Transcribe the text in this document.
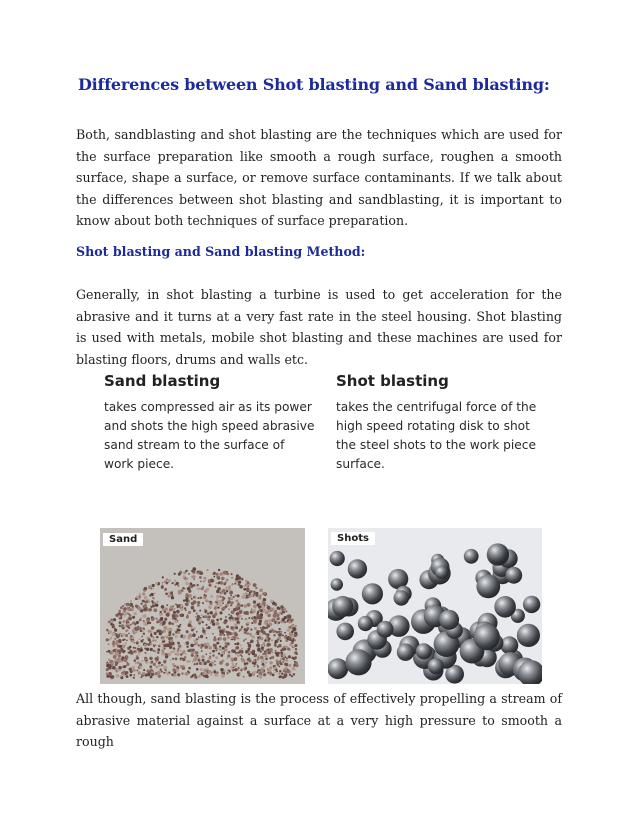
Differences between Shot blasting and Sand blasting:

Both, sandblasting and shot blasting are the techniques which are used for the surface preparation like smooth a rough surface, roughen a smooth surface, shape a surface, or remove surface contaminants. If we talk about the differences between shot blasting and sandblasting, it is important to know about both techniques of surface preparation.

Shot blasting and Sand blasting Method:

Generally, in shot blasting a turbine is used to get acceleration for the abrasive and it turns at a very fast rate in the steel housing. Shot blasting is used with metals, mobile shot blasting and these machines are used for blasting floors, drums and walls etc.

Sand blasting

takes compressed air as its power and shots the high speed abrasive sand stream to the surface of work piece.

Shot blasting

takes the centrifugal force of the high speed rotating disk to shot the steel shots to the work piece surface.

Sand	Shots

All though, sand blasting is the process of effectively propelling a stream of abrasive material against a surface at a very high pressure to smooth a rough
